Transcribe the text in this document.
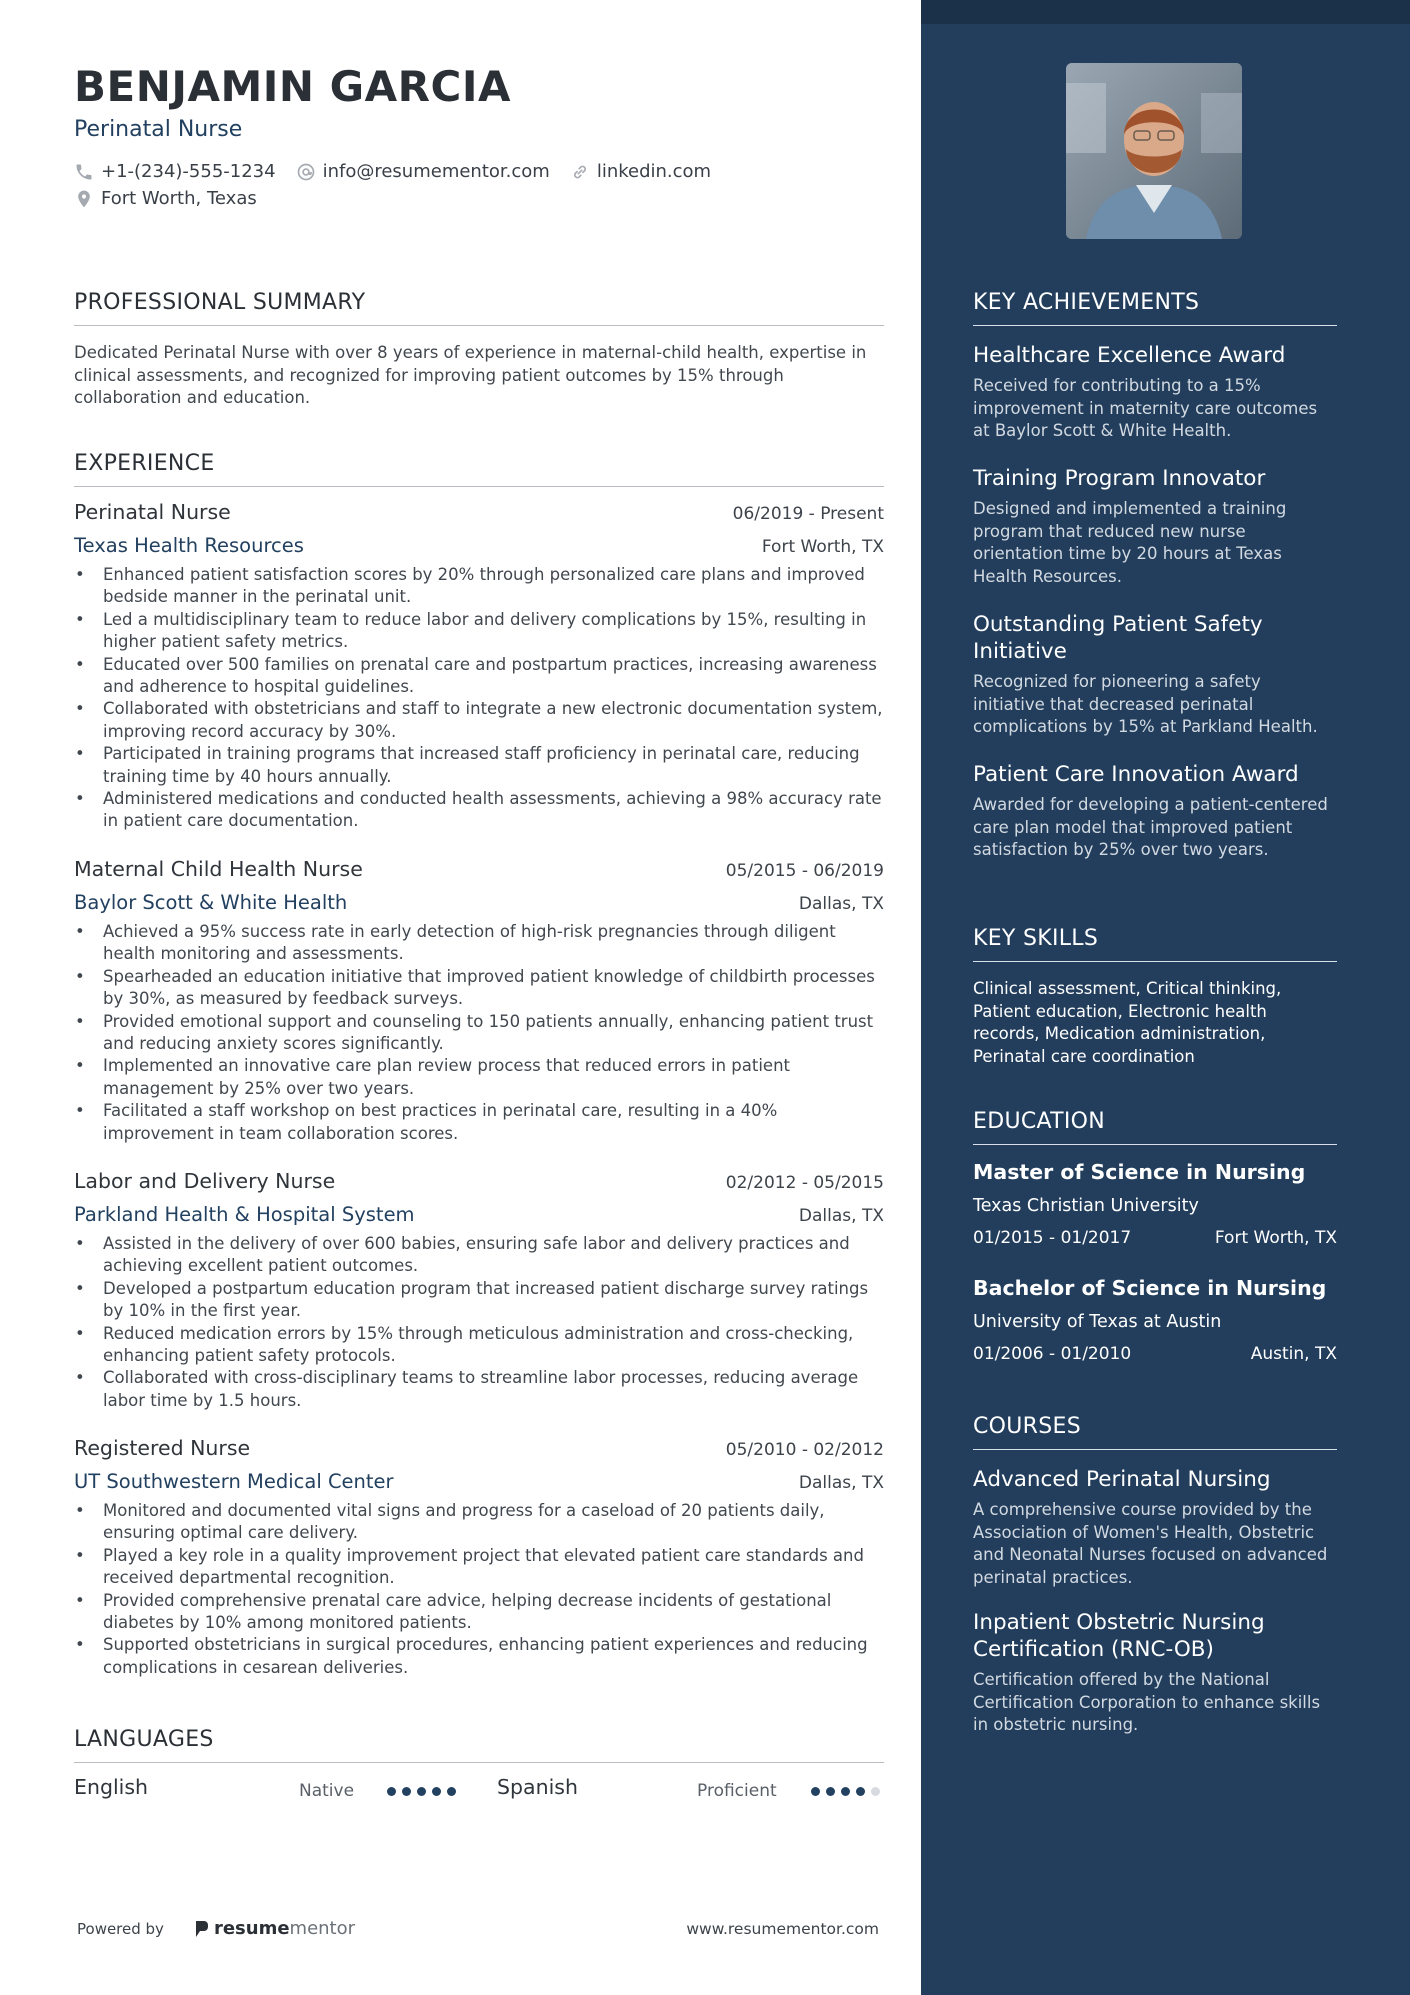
BENJAMIN GARCIA
Perinatal Nurse
+1-(234)-555-1234	info@resumementor.com	linkedin.com
Fort Worth, Texas
PROFESSIONAL SUMMARY

Dedicated Perinatal Nurse with over 8 years of experience in maternal-child health, expertise in clinical assessments, and recognized for improving patient outcomes by 15% through collaboration and education.

EXPERIENCE
Perinatal Nurse	06/2019 - Present
Texas Health Resources	Fort Worth, TX
• Enhanced patient satisfaction scores by 20% through personalized care plans and improved bedside manner in the perinatal unit.
• Led a multidisciplinary team to reduce labor and delivery complications by 15%, resulting in higher patient safety metrics.
• Educated over 500 families on prenatal care and postpartum practices, increasing awareness and adherence to hospital guidelines.
• Collaborated with obstetricians and staff to integrate a new electronic documentation system, improving record accuracy by 30%.
• Participated in training programs that increased staff proficiency in perinatal care, reducing training time by 40 hours annually.
• Administered medications and conducted health assessments, achieving a 98% accuracy rate in patient care documentation.
Maternal Child Health Nurse	05/2015 - 06/2019
Baylor Scott & White Health	Dallas, TX
• Achieved a 95% success rate in early detection of high-risk pregnancies through diligent health monitoring and assessments.
• Spearheaded an education initiative that improved patient knowledge of childbirth processes by 30%, as measured by feedback surveys.
• Provided emotional support and counseling to 150 patients annually, enhancing patient trust and reducing anxiety scores significantly.
• Implemented an innovative care plan review process that reduced errors in patient management by 25% over two years.
• Facilitated a staff workshop on best practices in perinatal care, resulting in a 40% improvement in team collaboration scores.
Labor and Delivery Nurse	02/2012 - 05/2015
Parkland Health & Hospital System	Dallas, TX
• Assisted in the delivery of over 600 babies, ensuring safe labor and delivery practices and achieving excellent patient outcomes.
• Developed a postpartum education program that increased patient discharge survey ratings by 10% in the first year.
• Reduced medication errors by 15% through meticulous administration and cross-checking, enhancing patient safety protocols.
• Collaborated with cross-disciplinary teams to streamline labor processes, reducing average labor time by 1.5 hours.
Registered Nurse	05/2010 - 02/2012
UT Southwestern Medical Center	Dallas, TX
• Monitored and documented vital signs and progress for a caseload of 20 patients daily, ensuring optimal care delivery.
• Played a key role in a quality improvement project that elevated patient care standards and received departmental recognition.
• Provided comprehensive prenatal care advice, helping decrease incidents of gestational diabetes by 10% among monitored patients.
• Supported obstetricians in surgical procedures, enhancing patient experiences and reducing complications in cesarean deliveries.
LANGUAGES
English	Native	Spanish	Proficient
Powered by	resume mentor	www.resumementor.com
KEY ACHIEVEMENTS
Healthcare Excellence Award
Received for contributing to a 15% improvement in maternity care outcomes at Baylor Scott & White Health.
Training Program Innovator
Designed and implemented a training program that reduced new nurse orientation time by 20 hours at Texas Health Resources.
Outstanding Patient Safety Initiative
Recognized for pioneering a safety initiative that decreased perinatal complications by 15% at Parkland Health.
Patient Care Innovation Award
Awarded for developing a patient-centered care plan model that improved patient satisfaction by 25% over two years.
KEY SKILLS

Clinical assessment, Critical thinking, Patient education, Electronic health records, Medication administration, Perinatal care coordination

EDUCATION
Master of Science in Nursing
Texas Christian University
01/2015 - 01/2017	Fort Worth, TX
Bachelor of Science in Nursing
University of Texas at Austin
01/2006 - 01/2010	Austin, TX
COURSES
Advanced Perinatal Nursing
A comprehensive course provided by the Association of Women's Health, Obstetric and Neonatal Nurses focused on advanced perinatal practices.
Inpatient Obstetric Nursing Certification (RNC-OB)
Certification offered by the National Certification Corporation to enhance skills in obstetric nursing.
